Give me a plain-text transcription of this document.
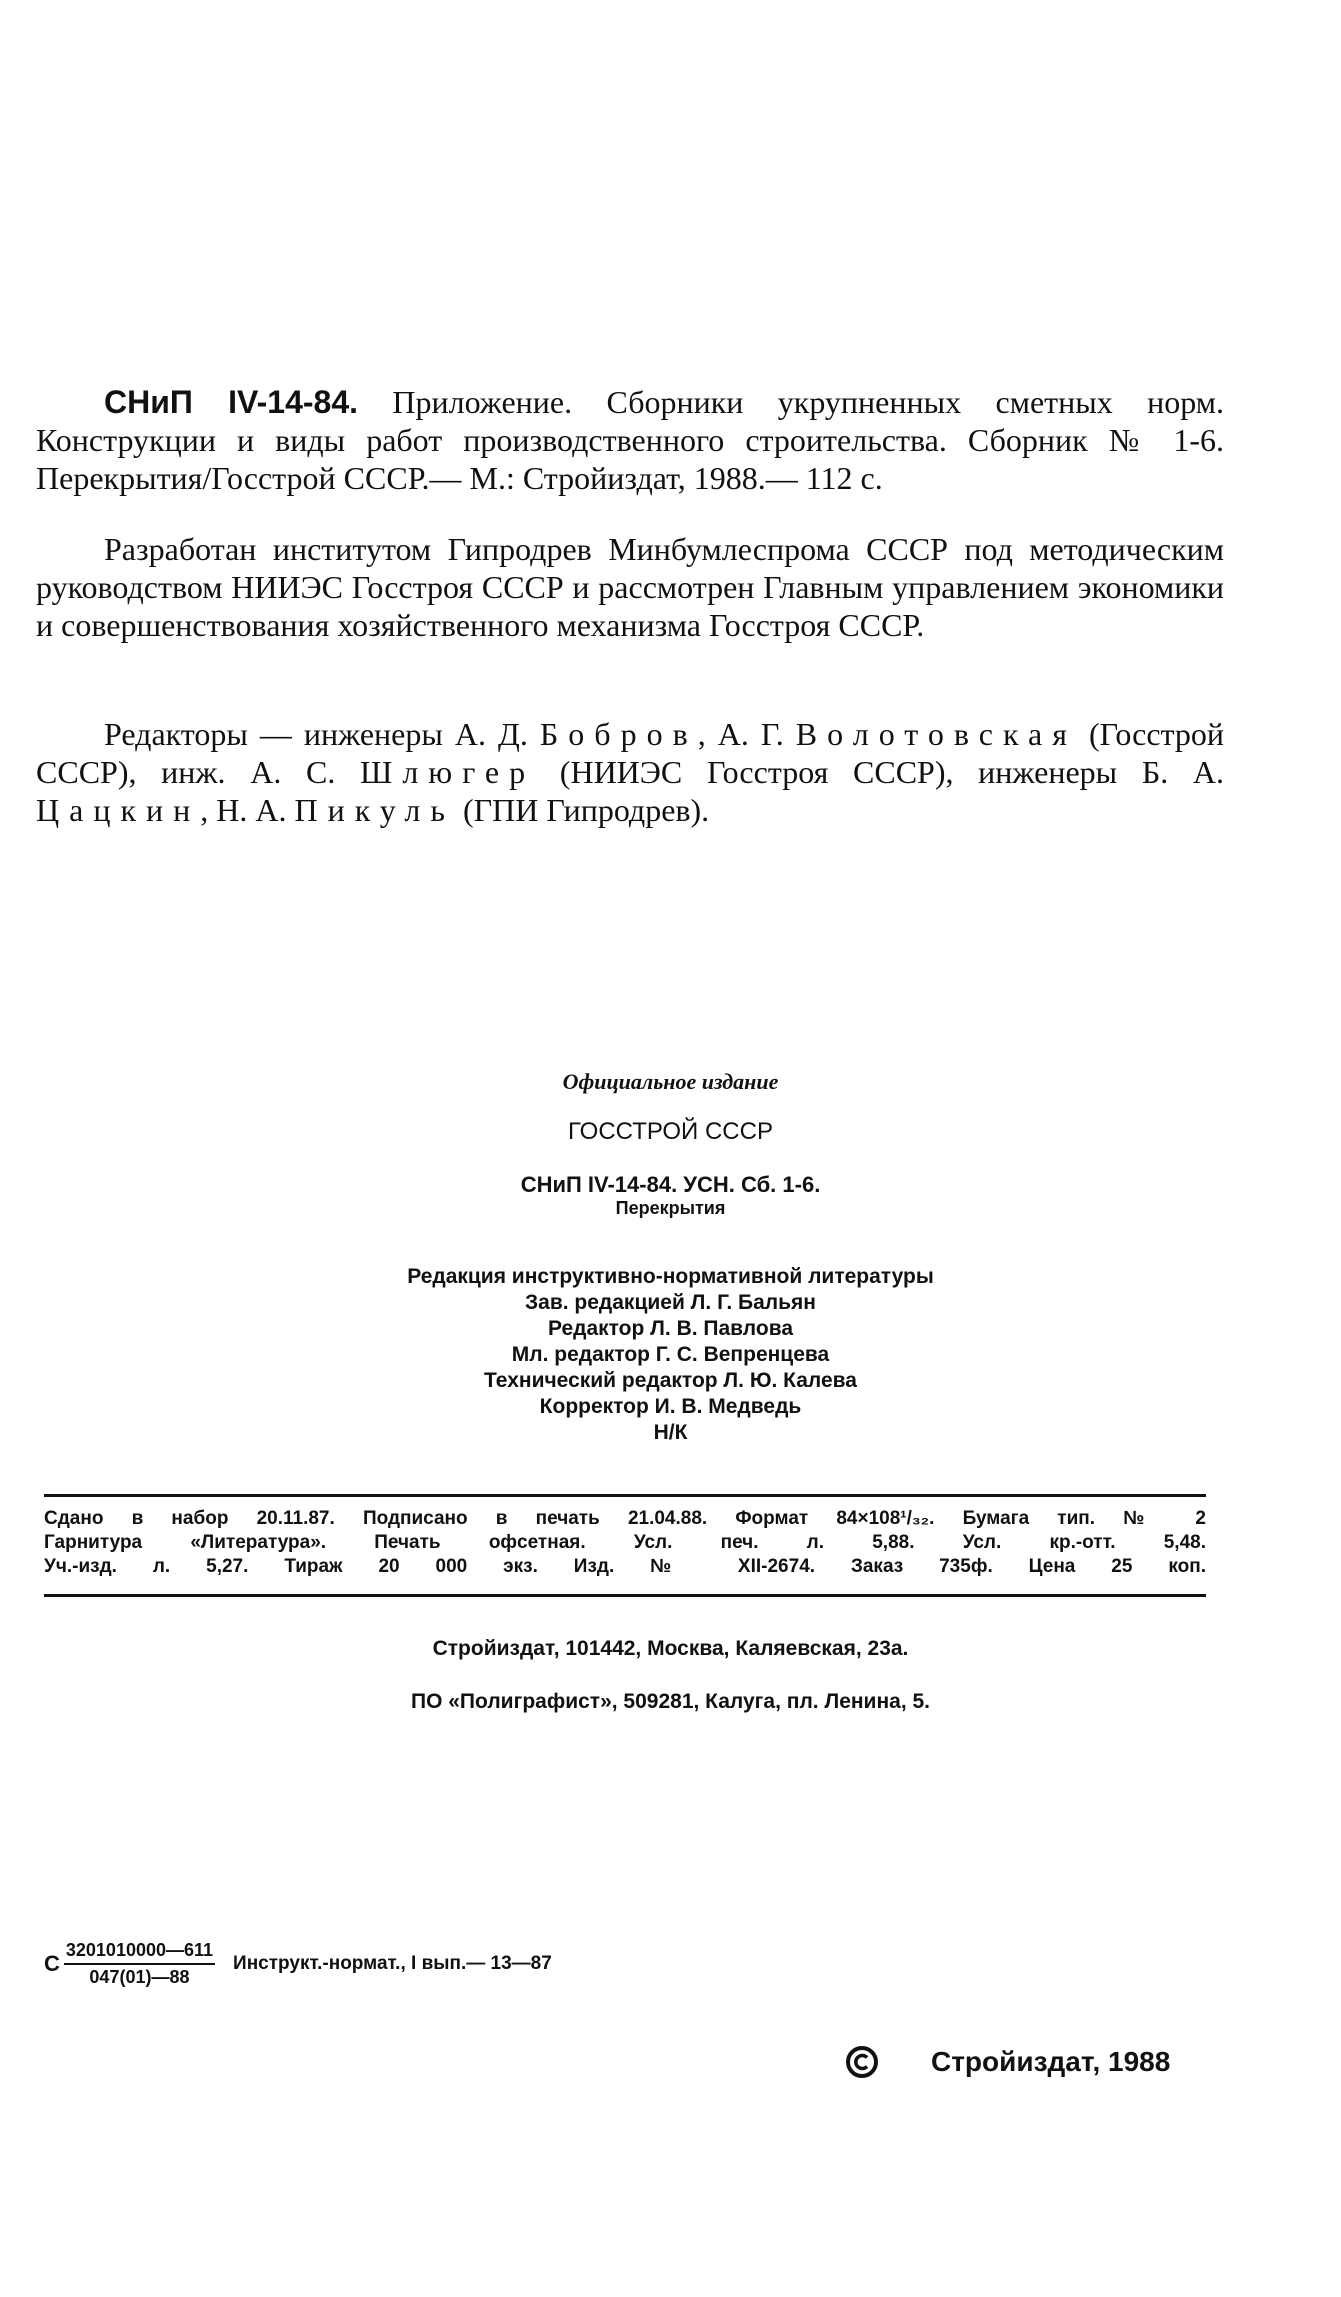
СНиП IV-14-84. Приложение. Сборники укрупненных сметных норм. Конструкции и виды работ производственного строительства. Сборник № 1-6. Перекрытия/Госстрой СССР.— М.: Стройиздат, 1988.— 112 с.

Разработан институтом Гипродрев Минбумлеспрома СССР под методическим руководством НИИЭС Госстроя СССР и рассмотрен Главным управлением экономики и совершенствования хозяйственного механизма Госстроя СССР.

Редакторы — инженеры А. Д. Бобров, А. Г. Волотовская (Госстрой СССР), инж. А. С. Шлюгер (НИИЭС Госстроя СССР), инженеры Б. А. Цацкин, Н. А. Пикуль (ГПИ Гипродрев).

Официальное издание
ГОССТРОЙ СССР
СНиП IV-14-84. УСН. Сб. 1-6.
Перекрытия
Редакция инструктивно-нормативной литературы
Зав. редакцией Л. Г. Бальян
Редактор Л. В. Павлова
Мл. редактор Г. С. Вепренцева
Технический редактор Л. Ю. Калева
Корректор И. В. Медведь
Н/К
Сдано в набор 20.11.87. Подписано в печать 21.04.88. Формат 84×108¹/₃₂. Бумага тип. № 2
Гарнитура «Литература». Печать офсетная. Усл. печ. л. 5,88. Усл. кр.-отт. 5,48.
Уч.-изд. л. 5,27. Тираж 20 000 экз. Изд. № XII-2674. Заказ 735ф. Цена 25 коп.
Стройиздат, 101442, Москва, Каляевская, 23а.
ПО «Полиграфист», 509281, Калуга, пл. Ленина, 5.
С $\frac{3201010000—611}{047(01)—88}$ Инструкт.-нормат., I вып.— 13—87
Стройиздат, 1988
